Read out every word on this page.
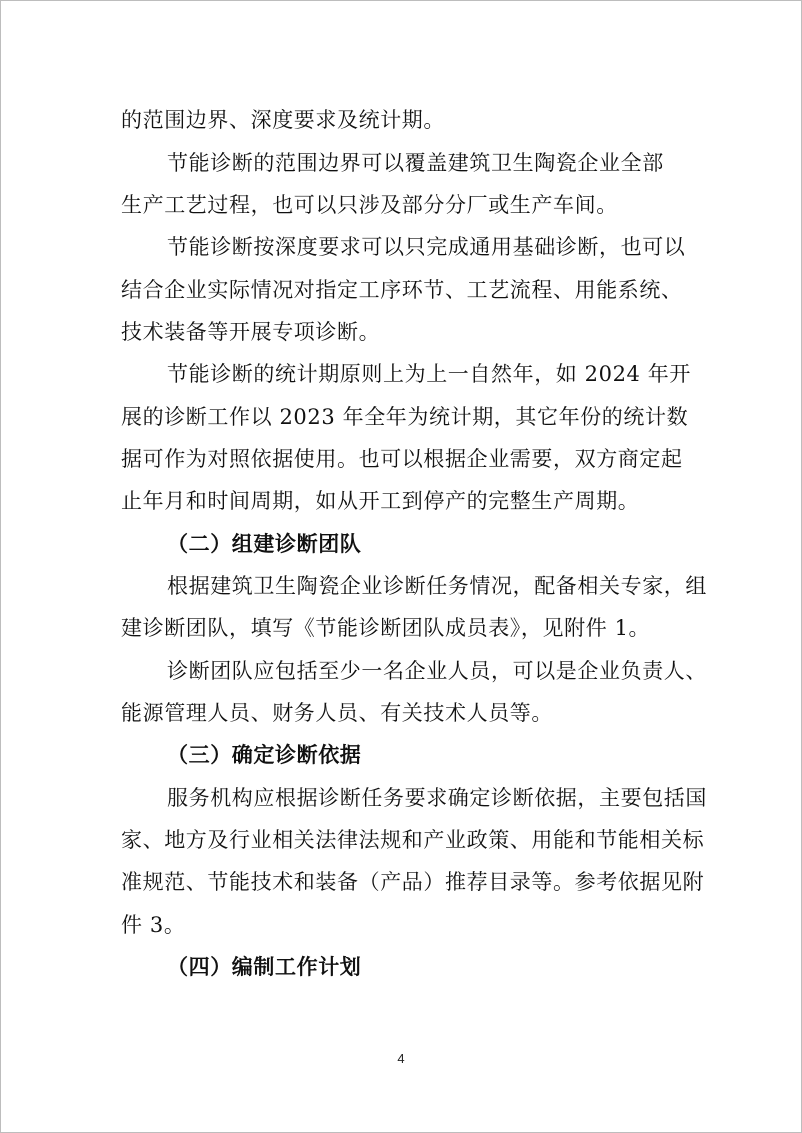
的范围边界、深度要求及统计期。
节能诊断的范围边界可以覆盖建筑卫生陶瓷企业全部
生产工艺过程，也可以只涉及部分分厂或生产车间。
节能诊断按深度要求可以只完成通用基础诊断，也可以
结合企业实际情况对指定工序环节、工艺流程、用能系统、
技术装备等开展专项诊断。
节能诊断的统计期原则上为上一自然年，如 2024 年开
展的诊断工作以 2023 年全年为统计期，其它年份的统计数
据可作为对照依据使用。也可以根据企业需要，双方商定起
止年月和时间周期，如从开工到停产的完整生产周期。
（二）组建诊断团队
根据建筑卫生陶瓷企业诊断任务情况，配备相关专家，组
建诊断团队，填写《节能诊断团队成员表》，见附件 1。
诊断团队应包括至少一名企业人员，可以是企业负责人、
能源管理人员、财务人员、有关技术人员等。
（三）确定诊断依据
服务机构应根据诊断任务要求确定诊断依据，主要包括国
家、地方及行业相关法律法规和产业政策、用能和节能相关标
准规范、节能技术和装备（产品）推荐目录等。参考依据见附
件 3。
（四）编制工作计划
4
